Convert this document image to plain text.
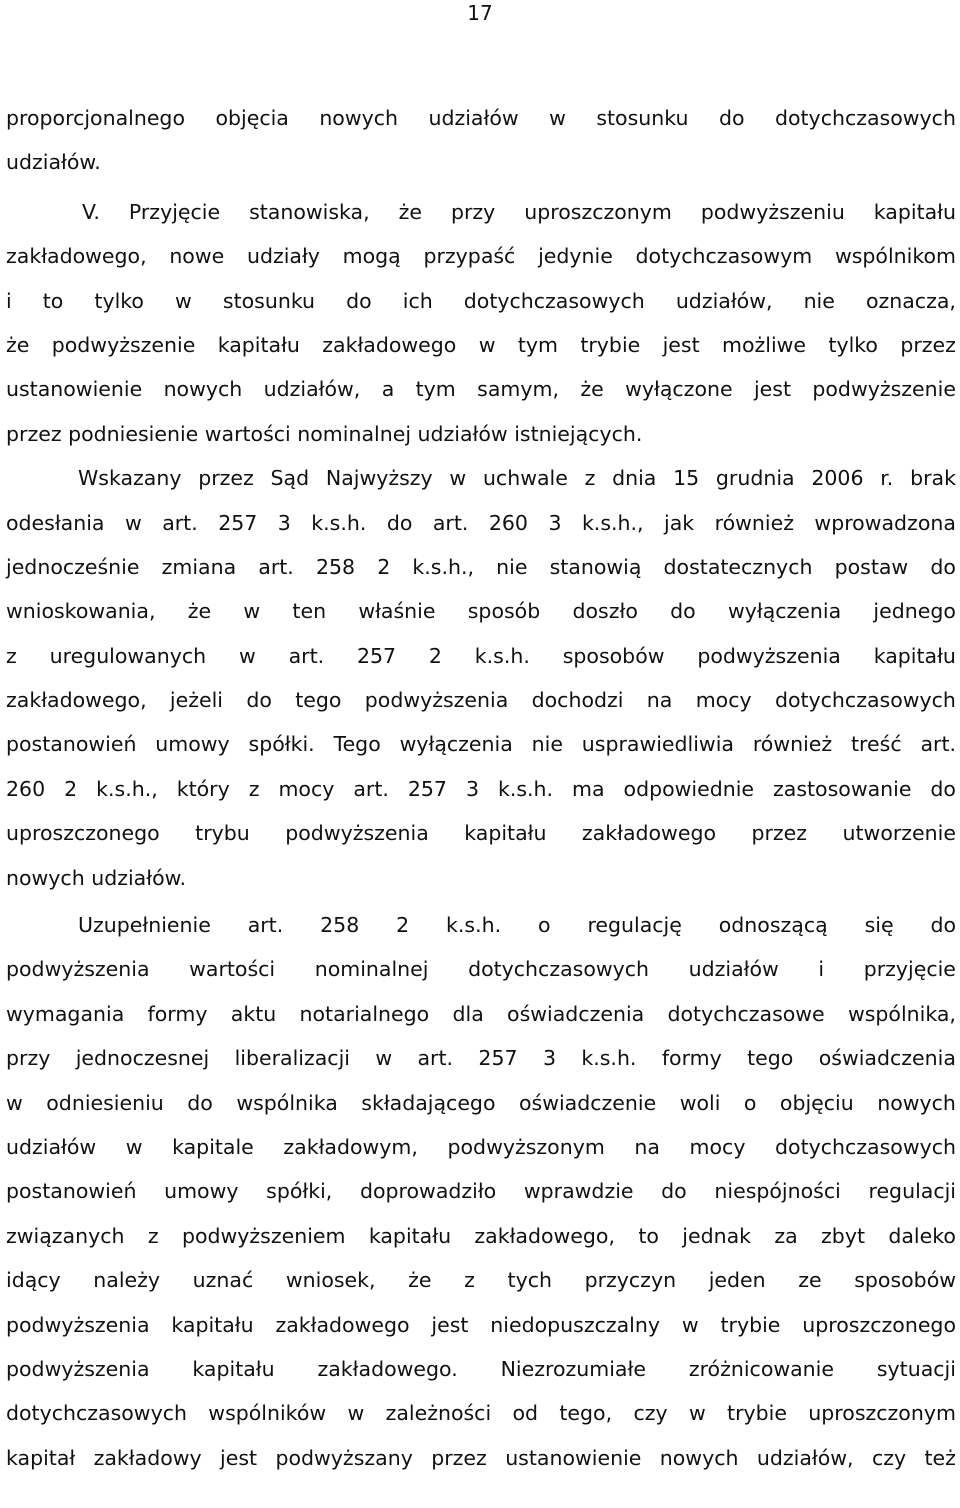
17
proporcjonalnego objęcia nowych udziałów w stosunku do dotychczasowych
udziałów.
V. Przyjęcie stanowiska, że przy uproszczonym podwyższeniu kapitału
zakładowego, nowe udziały mogą przypaść jedynie dotychczasowym wspólnikom
i to tylko w stosunku do ich dotychczasowych udziałów, nie oznacza,
że podwyższenie kapitału zakładowego w tym trybie jest możliwe tylko przez
ustanowienie nowych udziałów, a tym samym, że wyłączone jest podwyższenie
przez podniesienie wartości nominalnej udziałów istniejących.
Wskazany przez Sąd Najwyższy w uchwale z dnia 15 grudnia 2006 r. brak
odesłania w art. 257 3 k.s.h. do art. 260 3 k.s.h., jak również wprowadzona
jednocześnie zmiana art. 258 2 k.s.h., nie stanowią dostatecznych postaw do
wnioskowania, że w ten właśnie sposób doszło do wyłączenia jednego
z uregulowanych w art. 257 2 k.s.h. sposobów podwyższenia kapitału
zakładowego, jeżeli do tego podwyższenia dochodzi na mocy dotychczasowych
postanowień umowy spółki. Tego wyłączenia nie usprawiedliwia również treść art.
260 2 k.s.h., który z mocy art. 257 3 k.s.h. ma odpowiednie zastosowanie do
uproszczonego trybu podwyższenia kapitału zakładowego przez utworzenie
nowych udziałów.
Uzupełnienie art. 258 2 k.s.h. o regulację odnoszącą się do
podwyższenia wartości nominalnej dotychczasowych udziałów i przyjęcie
wymagania formy aktu notarialnego dla oświadczenia dotychczasowe wspólnika,
przy jednoczesnej liberalizacji w art. 257 3 k.s.h. formy tego oświadczenia
w odniesieniu do wspólnika składającego oświadczenie woli o objęciu nowych
udziałów w kapitale zakładowym, podwyższonym na mocy dotychczasowych
postanowień umowy spółki, doprowadziło wprawdzie do niespójności regulacji
związanych z podwyższeniem kapitału zakładowego, to jednak za zbyt daleko
idący należy uznać wniosek, że z tych przyczyn jeden ze sposobów
podwyższenia kapitału zakładowego jest niedopuszczalny w trybie uproszczonego
podwyższenia kapitału zakładowego. Niezrozumiałe zróżnicowanie sytuacji
dotychczasowych wspólników w zależności od tego, czy w trybie uproszczonym
kapitał zakładowy jest podwyższany przez ustanowienie nowych udziałów, czy też
